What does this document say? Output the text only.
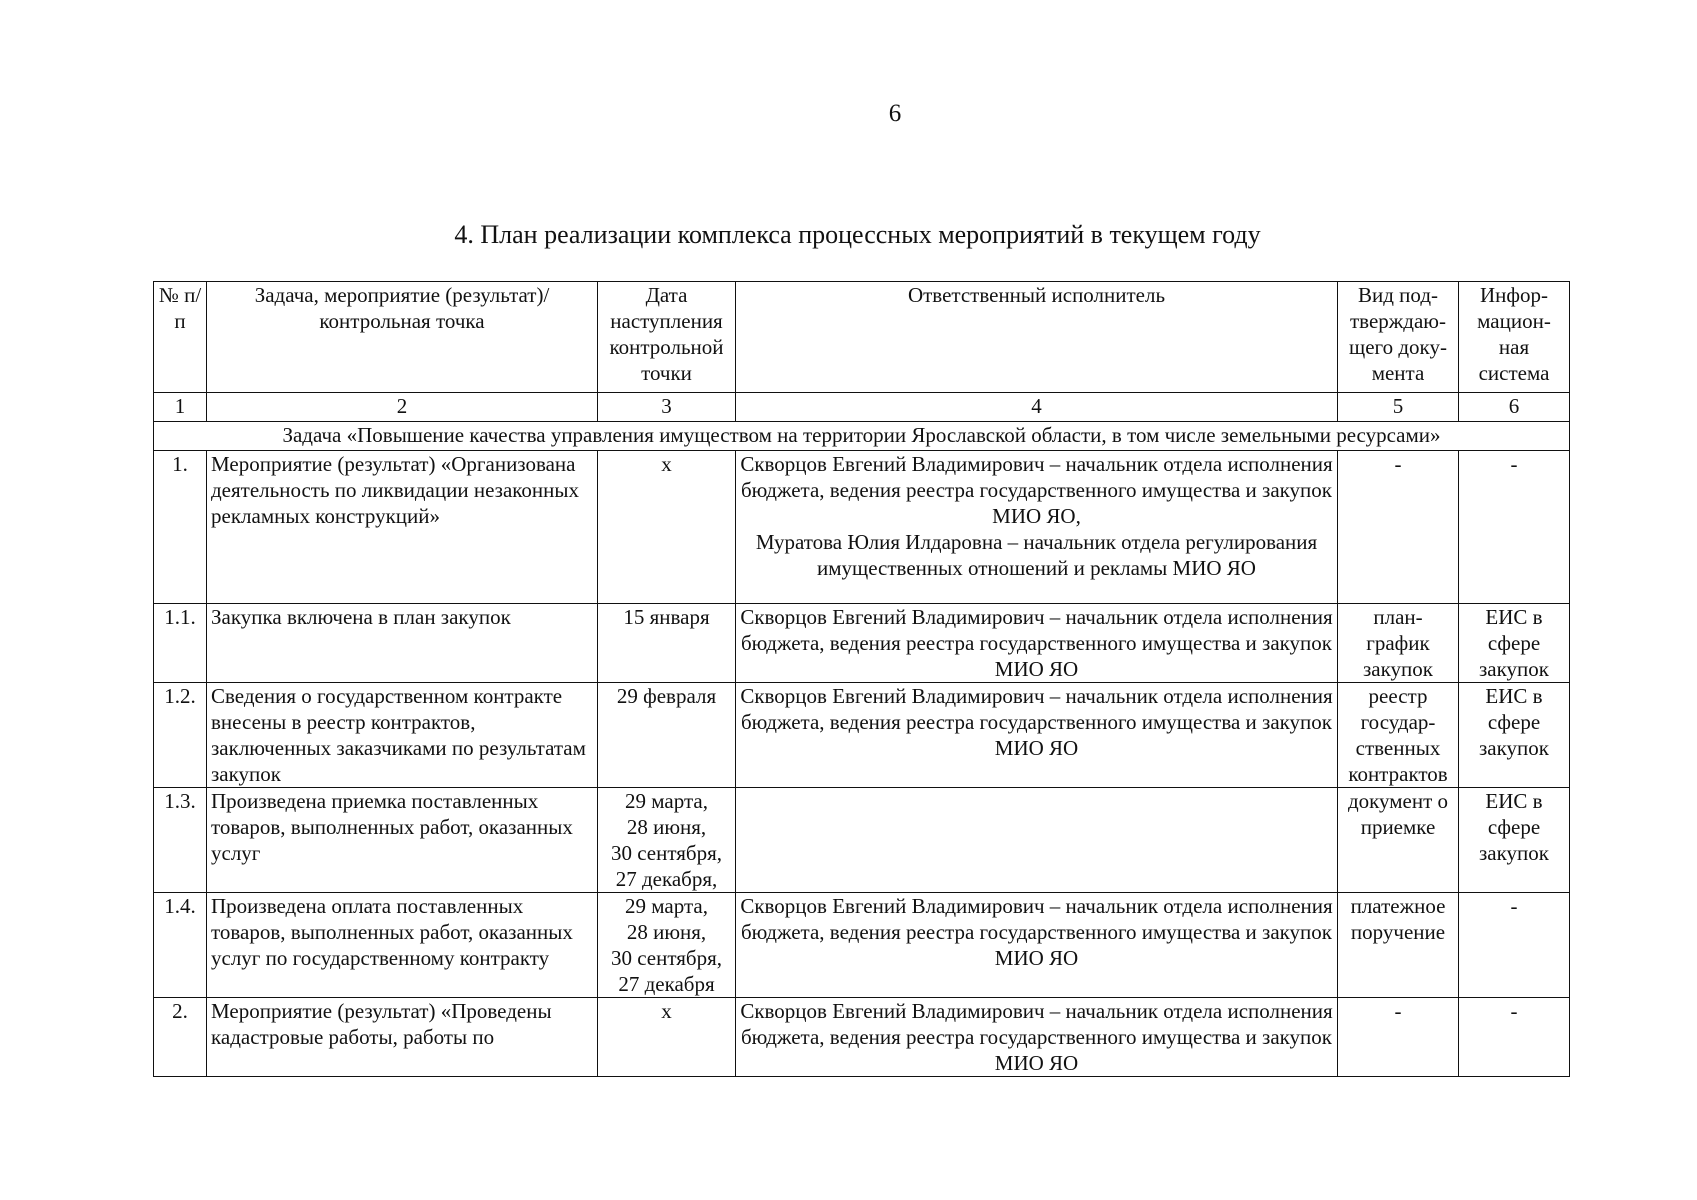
6
4. План реализации комплекса процессных мероприятий в текущем году
№ п/п	Задача, мероприятие (результат)/ контрольная точка	Дата наступления контрольной точки	Ответственный исполнитель	Вид под-тверждаю-щего доку-мента	Инфор-мацион-ная система
1	2	3	4	5	6
Задача «Повышение качества управления имуществом на территории Ярославской области, в том числе земельными ресурсами»					
1.	Мероприятие (результат) «Организована деятельность по ликвидации незаконных рекламных конструкций»	х	Скворцов Евгений Владимирович – начальник отдела исполнения бюджета, ведения реестра государственного имущества и закупок МИО ЯО,
Муратова Юлия Илдаровна – начальник отдела регулирования имущественных отношений и рекламы МИО ЯО	-	-
1.1.	Закупка включена в план закупок	15 января	Скворцов Евгений Владимирович – начальник отдела исполнения бюджета, ведения реестра государственного имущества и закупок МИО ЯО	план-график закупок	ЕИС в сфере закупок
1.2.	Сведения о государственном контракте внесены в реестр контрактов, заключенных заказчиками по результатам закупок	29 февраля	Скворцов Евгений Владимирович – начальник отдела исполнения бюджета, ведения реестра государственного имущества и закупок МИО ЯО	реестр государ-ственных контрактов	ЕИС в сфере закупок
1.3.	Произведена приемка поставленных товаров, выполненных работ, оказанных услуг	29 марта,
28 июня,
30 сентября,
27 декабря,		документ о приемке	ЕИС в сфере закупок
1.4.	Произведена оплата поставленных товаров, выполненных работ, оказанных услуг по государственному контракту	29 марта,
28 июня,
30 сентября,
27 декабря	Скворцов Евгений Владимирович – начальник отдела исполнения бюджета, ведения реестра государственного имущества и закупок МИО ЯО	платежное поручение	-
2.	Мероприятие (результат) «Проведены кадастровые работы, работы по	х	Скворцов Евгений Владимирович – начальник отдела исполнения бюджета, ведения реестра государственного имущества и закупок МИО ЯО	-	-
